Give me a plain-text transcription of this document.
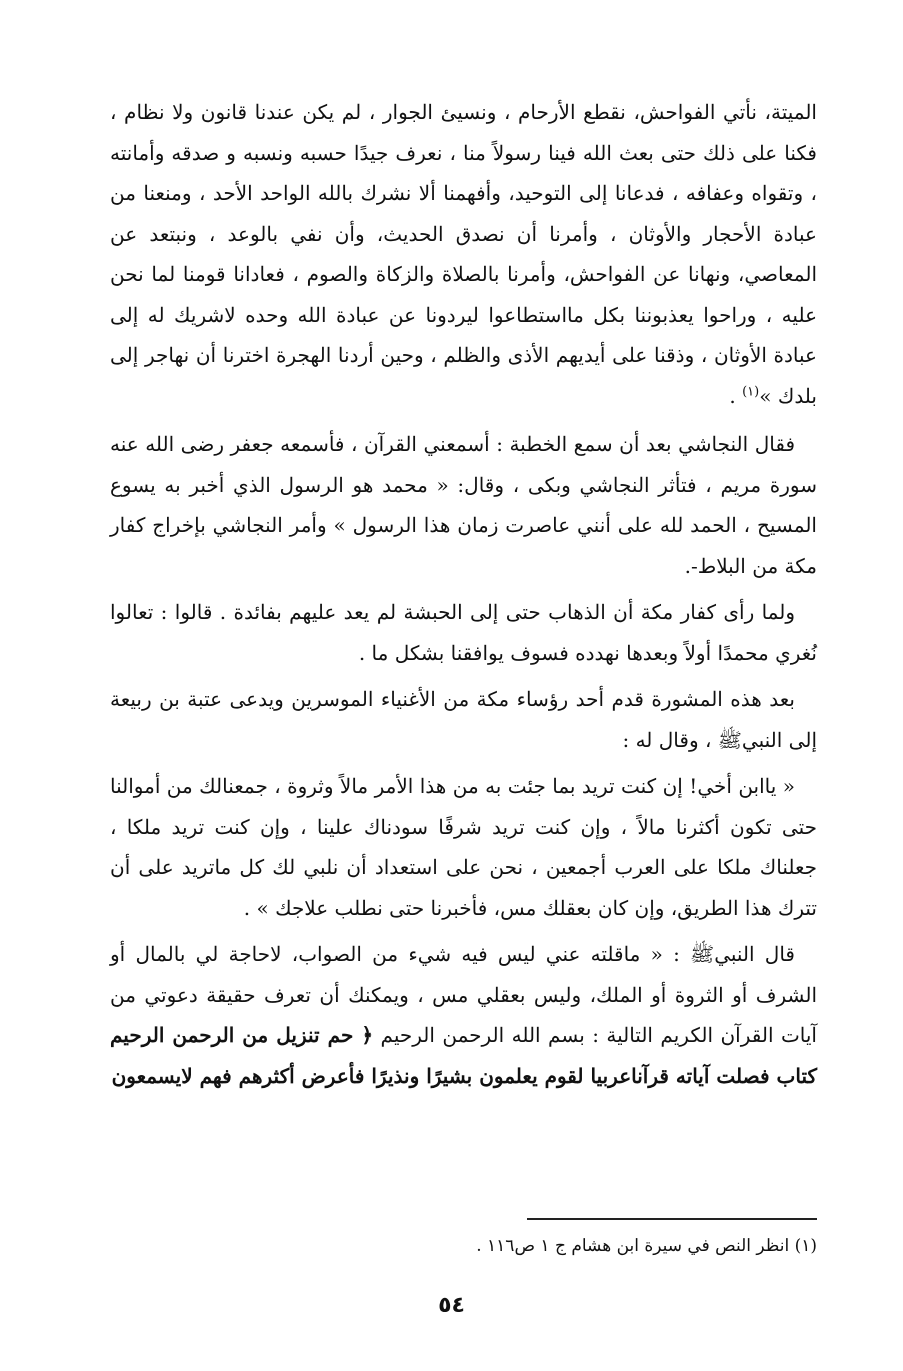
الميتة، نأتي الفواحش، نقطع الأرحام ، ونسيئ الجوار ، لم يكن عندنا قانون ولا نظام ، فكنا على ذلك حتى بعث الله فينا رسولاً منا ، نعرف جيدًا حسبه ونسبه و صدقه وأمانته ، وتقواه وعفافه ، فدعانا إلى التوحيد، وأفهمنا ألا نشرك بالله الواحد الأحد ، ومنعنا من عبادة الأحجار والأوثان ، وأمرنا أن نصدق الحديث، وأن نفي بالوعد ، ونبتعد عن المعاصي، ونهانا عن الفواحش، وأمرنا بالصلاة والزكاة والصوم ، فعادانا قومنا لما نحن عليه ، وراحوا يعذبوننا بكل مااستطاعوا ليردونا عن عبادة الله وحده لاشريك له إلى عبادة الأوثان ، وذقنا على أيديهم الأذى والظلم ، وحين أردنا الهجرة اخترنا أن نهاجر إلى بلدك »$^{(١)}$ .

فقال النجاشي بعد أن سمع الخطبة : أسمعني القرآن ، فأسمعه جعفر رضى الله عنه سورة مريم ، فتأثر النجاشي وبكى ، وقال: « محمد هو الرسول الذي أخبر به يسوع المسيح ، الحمد لله على أنني عاصرت زمان هذا الرسول » وأمر النجاشي بإخراج كفار مكة من البلاط-.

ولما رأى كفار مكة أن الذهاب حتى إلى الحبشة لم يعد عليهم بفائدة . قالوا : تعالوا نُغري محمدًا أولاً وبعدها نهدده فسوف يوافقنا بشكل ما .

بعد هذه المشورة قدم أحد رؤساء مكة من الأغنياء الموسرين ويدعى عتبة بن ربيعة إلى النبيﷺ ، وقال له :

« ياابن أخي! إن كنت تريد بما جئت به من هذا الأمر مالاً وثروة ، جمعنالك من أموالنا حتى تكون أكثرنا مالاً ، وإن كنت تريد شرفًا سودناك علينا ، وإن كنت تريد ملكا ، جعلناك ملكا على العرب أجمعين ، نحن على استعداد أن نلبي لك كل ماتريد على أن تترك هذا الطريق، وإن كان بعقلك مس، فأخبرنا حتى نطلب علاجك » .

قال النبيﷺ : « ماقلته عني ليس فيه شيء من الصواب، لاحاجة لي بالمال أو الشرف أو الثروة أو الملك، وليس بعقلي مس ، ويمكنك أن تعرف حقيقة دعوتي من آيات القرآن الكريم التالية : بسم الله الرحمن الرحيم ﴿ حم تنزيل من الرحمن الرحيم كتاب فصلت آياته قرآناعربيا لقوم يعلمون بشيرًا ونذيرًا فأعرض أكثرهم فهم لايسمعون

(١) انظر النص في سيرة ابن هشام ج ١ ص١١٦ .
٥٤
